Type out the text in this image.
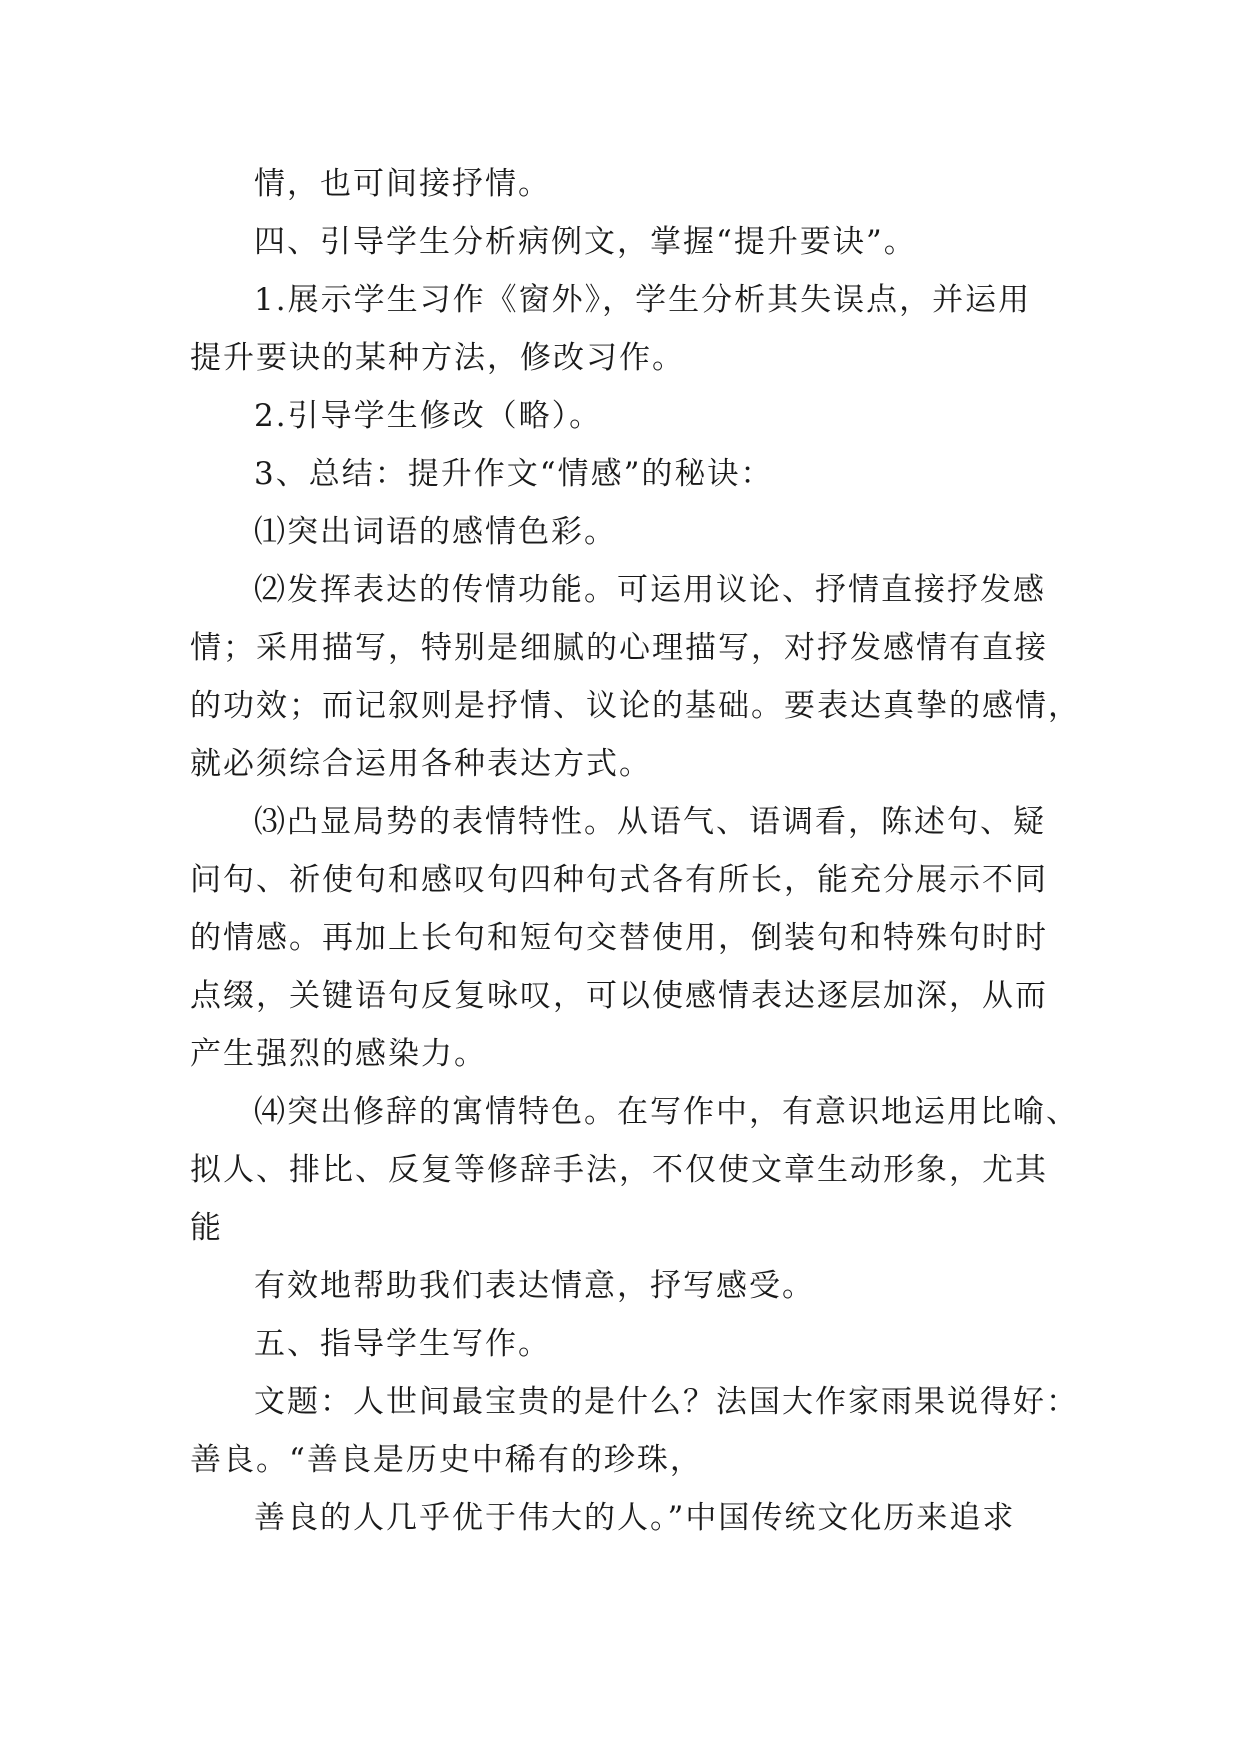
情，也可间接抒情。
四、引导学生分析病例文，掌握“提升要诀”。
1.展示学生习作《窗外》，学生分析其失误点，并运用
提升要诀的某种方法，修改习作。
2.引导学生修改（略）。
3、总结：提升作文“情感”的秘诀：
⑴突出词语的感情色彩。
⑵发挥表达的传情功能。可运用议论、抒情直接抒发感
情；采用描写，特别是细腻的心理描写，对抒发感情有直接
的功效；而记叙则是抒情、议论的基础。要表达真挚的感情，
就必须综合运用各种表达方式。
⑶凸显局势的表情特性。从语气、语调看，陈述句、疑
问句、祈使句和感叹句四种句式各有所长，能充分展示不同
的情感。再加上长句和短句交替使用，倒装句和特殊句时时
点缀，关键语句反复咏叹，可以使感情表达逐层加深，从而
产生强烈的感染力。
⑷突出修辞的寓情特色。在写作中，有意识地运用比喻、
拟人、排比、反复等修辞手法，不仅使文章生动形象，尤其
能
有效地帮助我们表达情意，抒写感受。
五、指导学生写作。
文题：人世间最宝贵的是什么？法国大作家雨果说得好：
善良。“善良是历史中稀有的珍珠，
善良的人几乎优于伟大的人。”中国传统文化历来追求
